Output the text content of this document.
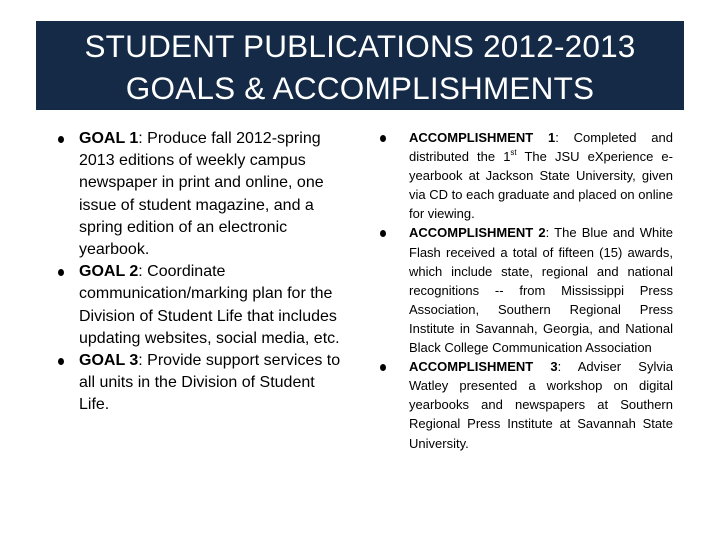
STUDENT PUBLICATIONS 2012-2013
GOALS & ACCOMPLISHMENTS
GOAL 1: Produce fall 2012-spring 2013 editions of weekly campus newspaper in print and online, one issue of student magazine, and a spring edition of an electronic yearbook.
GOAL 2: Coordinate communication/marking plan for the Division of Student Life that includes updating websites, social media, etc.
GOAL 3: Provide support services to all units in the Division of Student Life.
ACCOMPLISHMENT 1: Completed and distributed the 1st The JSU eXperience e-yearbook at Jackson State University, given via CD to each graduate and placed on online for viewing.
ACCOMPLISHMENT 2: The Blue and White Flash received a total of fifteen (15) awards, which include state, regional and national recognitions -- from Mississippi Press Association, Southern Regional Press Institute in Savannah, Georgia, and National Black College Communication Association
ACCOMPLISHMENT 3: Adviser Sylvia Watley presented a workshop on digital yearbooks and newspapers at Southern Regional Press Institute at Savannah State University.
